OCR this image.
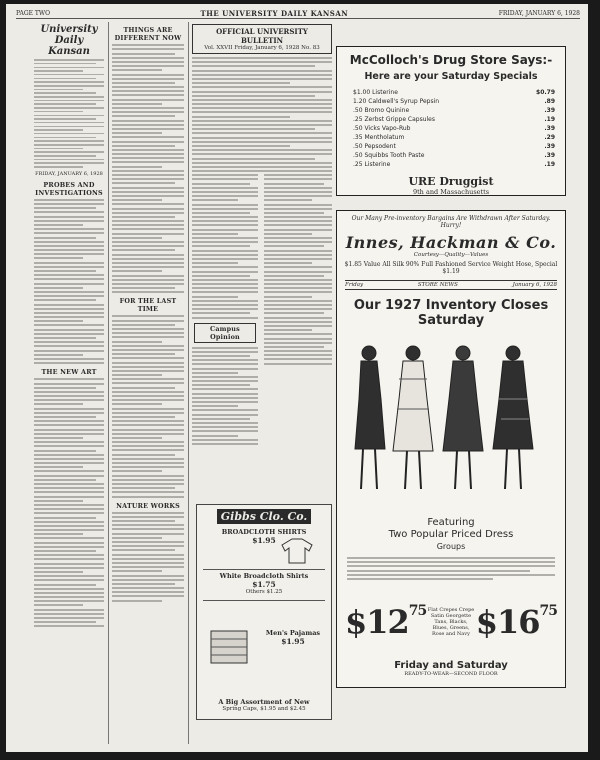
PAGE TWO	THE UNIVERSITY DAILY KANSAN	FRIDAY, JANUARY 6, 1928
University Daily Kansan
FRIDAY, JANUARY 6, 1928
PROBES AND INVESTIGATIONS
THE NEW ART
THINGS ARE DIFFERENT NOW
FOR THE LAST TIME
NATURE WORKS
OFFICIAL UNIVERSITY BULLETIN
Vol. XXVII Friday, January 6, 1928 No. 83
Campus Opinion
Gibbs Clo. Co.
BROADCLOTH SHIRTS
$1.95
White Broadcloth Shirts
$1.75
Others $1.25
Men's Pajamas
$1.95
A Big Assortment of New
Spring Caps, $1.95 and $2.45
McColloch's Drug Store Says:-
Here are your Saturday Specials
$1.00 Listerine	$0.79
1.20 Caldwell's Syrup Pepsin	.89
.50 Bromo Quinine	.39
.25 Zerbst Grippe Capsules	.19
.50 Vicks Vapo-Rub	.39
.35 Mentholatum	.29
.50 Pepsodent	.39
.50 Squibbs Tooth Paste	.39
.25 Listerine	.19
URE Druggist
9th and Massachusetts
Our Many Pre-inventory Bargains Are Withdrawn After Saturday. Hurry!
Innes, Hackman & Co.
Courtesy—Quality—Values
$1.85 Value All Silk 90% Full Fashioned Service Weight Hose, Special $1.19
Friday	STORE NEWS	January 6, 1928
Our 1927 Inventory Closes
Saturday
Featuring
Two Popular Priced Dress
Groups
$\$12^{75}$ Flat Crepes Crepe Satin Georgette Tans, Blacks, Blues, Greens, Rose and Navy $\$16^{75}$
Friday and Saturday
READY-TO-WEAR—SECOND FLOOR
